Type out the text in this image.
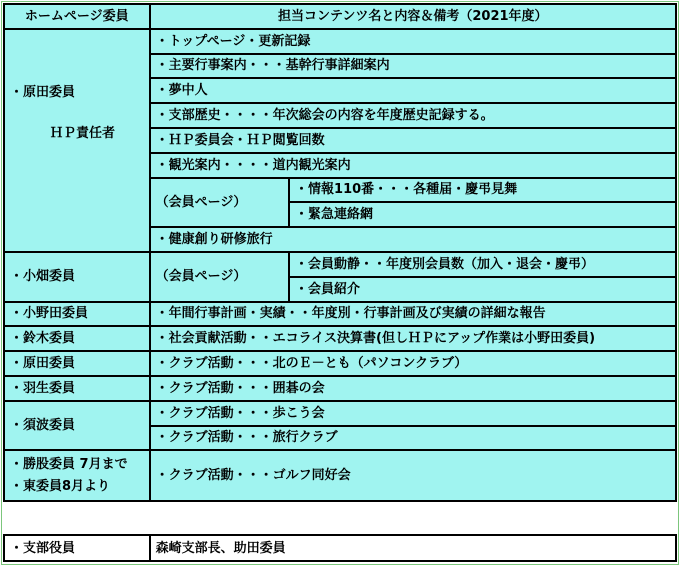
ホームページ委員	担当コンテンツ名と内容＆備考（2021年度）	

・原田委員
ＨＰ責任者	・トップページ・更新記録	
	・主要行事案内・・・基幹行事詳細案内	
	・夢中人	
	・支部歴史・・・・年次総会の内容を年度歴史記録する。	
	・ＨＰ委員会・ＨＰ閲覧回数	
	・観光案内・・・・道内観光案内	
	（会員ページ）	・情報110番・・・各種届・慶弔見舞
		・緊急連絡網
	・健康創り研修旅行	
・小畑委員	（会員ページ）	・会員動静・・年度別会員数（加入・退会・慶弔）
		・会員紹介
・小野田委員	・年間行事計画・実績・・年度別・行事計画及び実績の詳細な報告	
・鈴木委員	・社会貢献活動・・エコライス決算書(但しＨＰにアップ作業は小野田委員)	
・原田委員	・クラブ活動・・・北のＥ－とも（パソコンクラブ）	
・羽生委員	・クラブ活動・・・囲碁の会	
・須波委員	・クラブ活動・・・歩こう会	
	・クラブ活動・・・旅行クラブ	
・勝股委員 7月まで
・東委員8月より	・クラブ活動・・・ゴルフ同好会	
・支部役員	森崎支部長、助田委員
